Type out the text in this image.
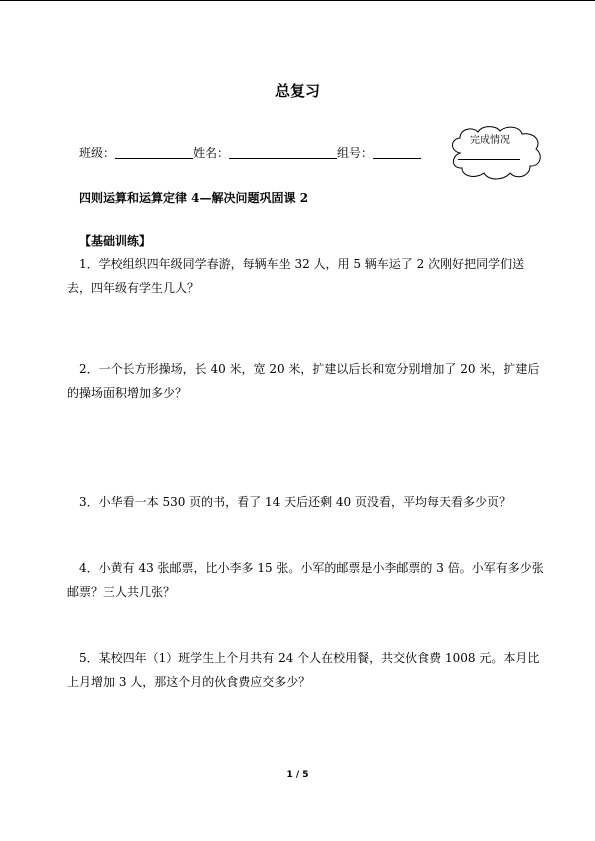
总复习
班级：	姓名：	组号：
完成情况
四则运算和运算定律 4—解决问题巩固课 2
【基础训练】

1．学校组织四年级同学春游，每辆车坐 32 人，用 5 辆车运了 2 次刚好把同学们送去，四年级有学生几人？

2．一个长方形操场，长 40 米，宽 20 米，扩建以后长和宽分别增加了 20 米，扩建后的操场面积增加多少？

3．小华看一本 530 页的书，看了 14 天后还剩 40 页没看，平均每天看多少页？

4．小黄有 43 张邮票，比小李多 15 张。小军的邮票是小李邮票的 3 倍。小军有多少张邮票？三人共几张？

5．某校四年（1）班学生上个月共有 24 个人在校用餐，共交伙食费 1008 元。本月比上月增加 3 人，那这个月的伙食费应交多少？

1 / 5
